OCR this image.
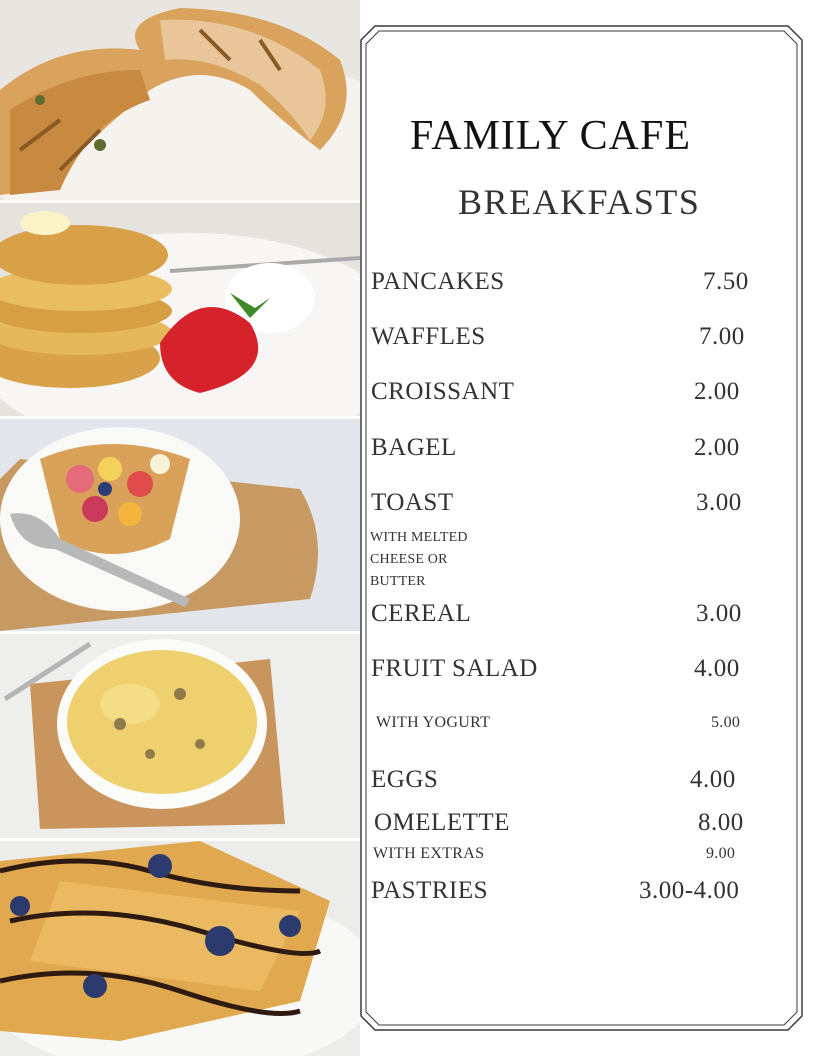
FAMILY CAFE
BREAKFASTS
PANCAKES	7.50
WAFFLES	7.00
CROISSANT	2.00
BAGEL	2.00
TOAST	3.00
WITH MELTED
CHEESE OR
BUTTER
CEREAL	3.00
FRUIT SALAD	4.00
WITH YOGURT	5.00
EGGS	4.00
OMELETTE	8.00
WITH EXTRAS	9.00
PASTRIES	3.00-4.00
